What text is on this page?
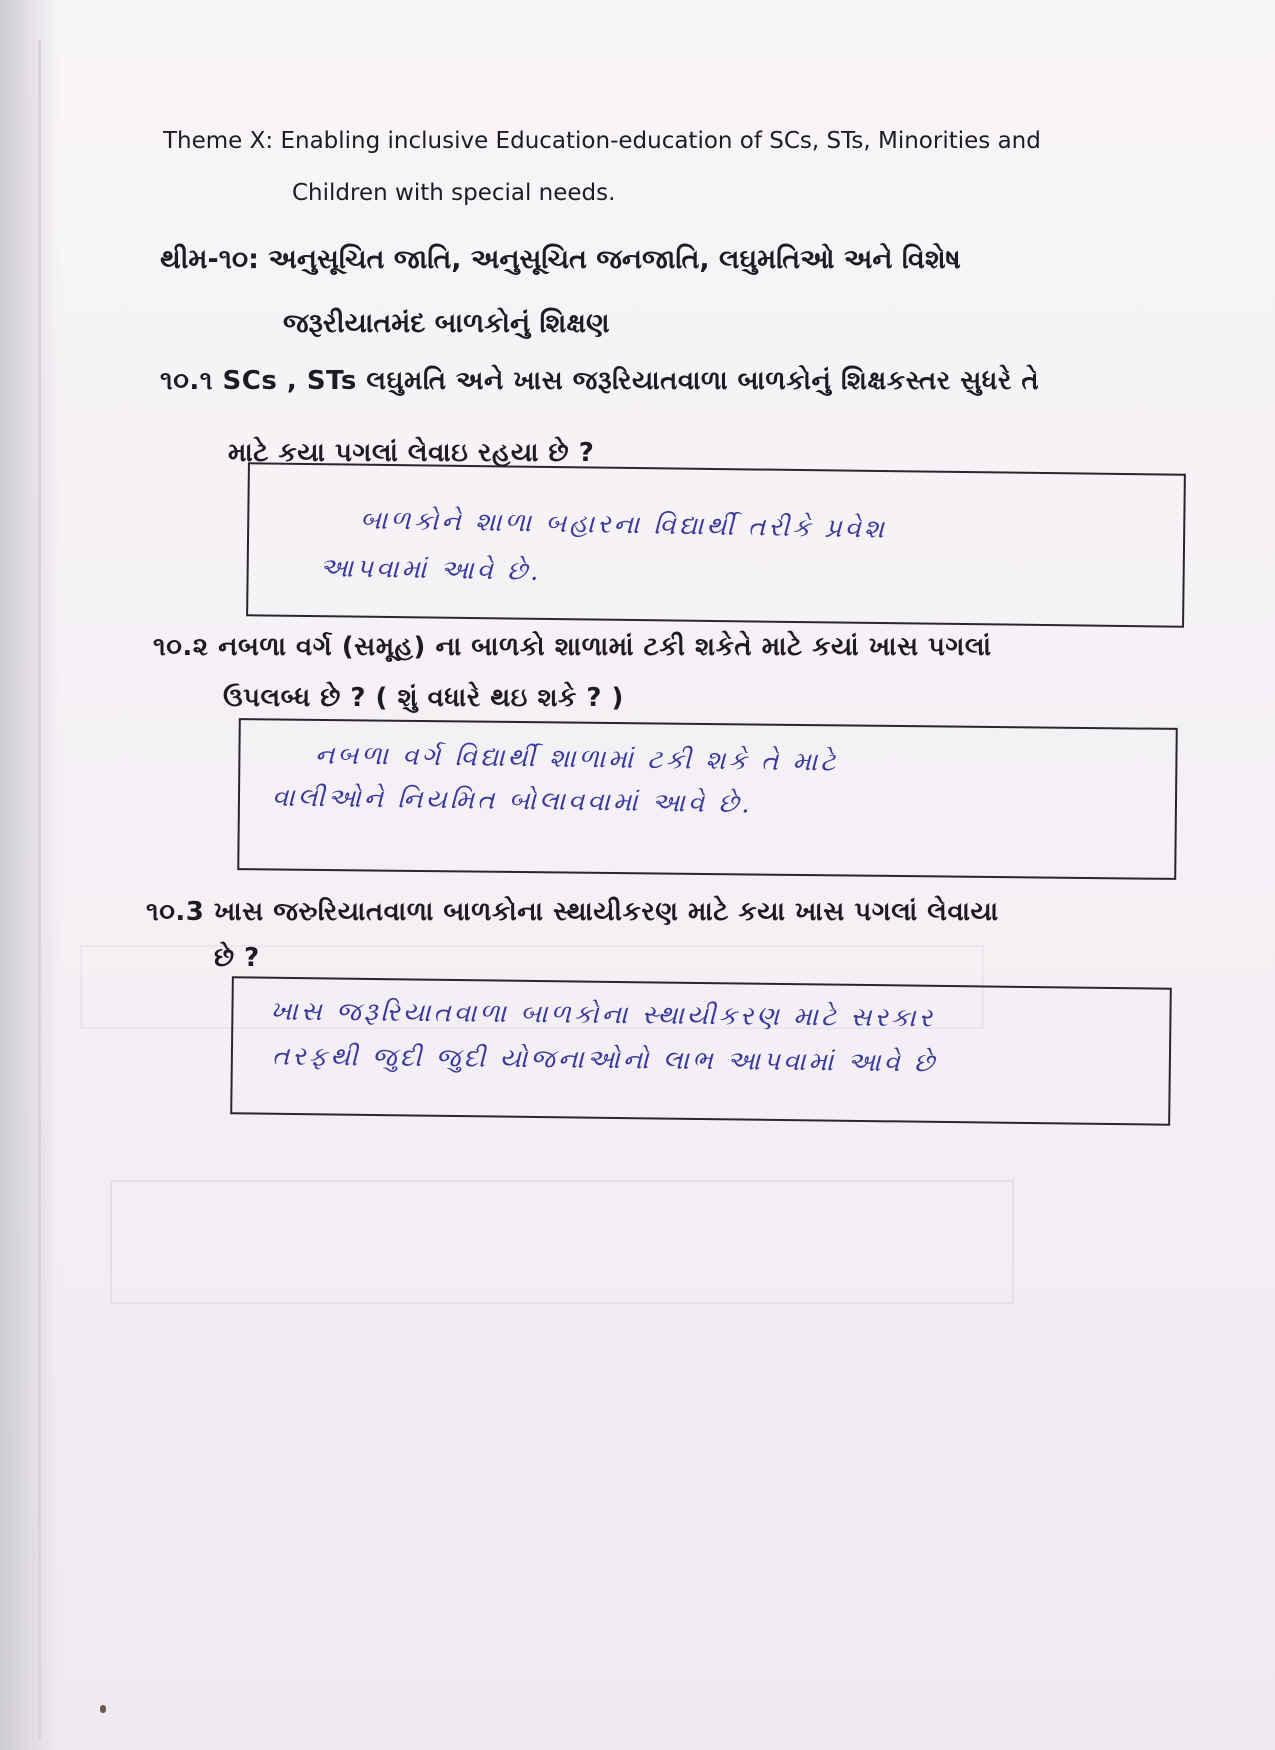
Theme X: Enabling inclusive Education-education of SCs, STs, Minorities and
Children with special needs.
થીમ-૧૦: અનુસૂચિત જાતિ, અનુસૂચિત જનજાતિ, લઘુમતિઓ અને વિશેષ
જરૂરીયાતમંદ બાળકોનું શિક્ષણ
૧૦.૧ SCs , STs લઘુમતિ અને ખાસ જરૂરિયાતવાળા બાળકોનું શિક્ષકસ્તર સુધરે તે
માટે કયા પગલાં લેવાઇ રહયા છે ?
બાળકોને શાળા બહારના વિદ્યાર્થી તરીકે પ્રવેશ
આપવામાં આવે છે.
૧૦.૨ નબળા વર્ગ (સમૂહ) ના બાળકો શાળામાં ટકી શકેતે માટે કયાં ખાસ પગલાં
ઉપલબ્ધ છે ? ( શું વધારે થઇ શકે ? )
નબળા વર્ગ વિદ્યાર્થી શાળામાં ટકી શકે તે માટે
વાલીઓને નિયમિત બોલાવવામાં આવે છે.
૧૦.3 ખાસ જરુરિયાતવાળા બાળકોના સ્થાયીકરણ માટે કયા ખાસ પગલાં લેવાયા
છે ?
ખાસ જરૂરિયાતવાળા બાળકોના સ્થાયીકરણ માટે સરકાર
તરફથી જુદી જુદી યોજનાઓનો લાભ આપવામાં આવે છે
